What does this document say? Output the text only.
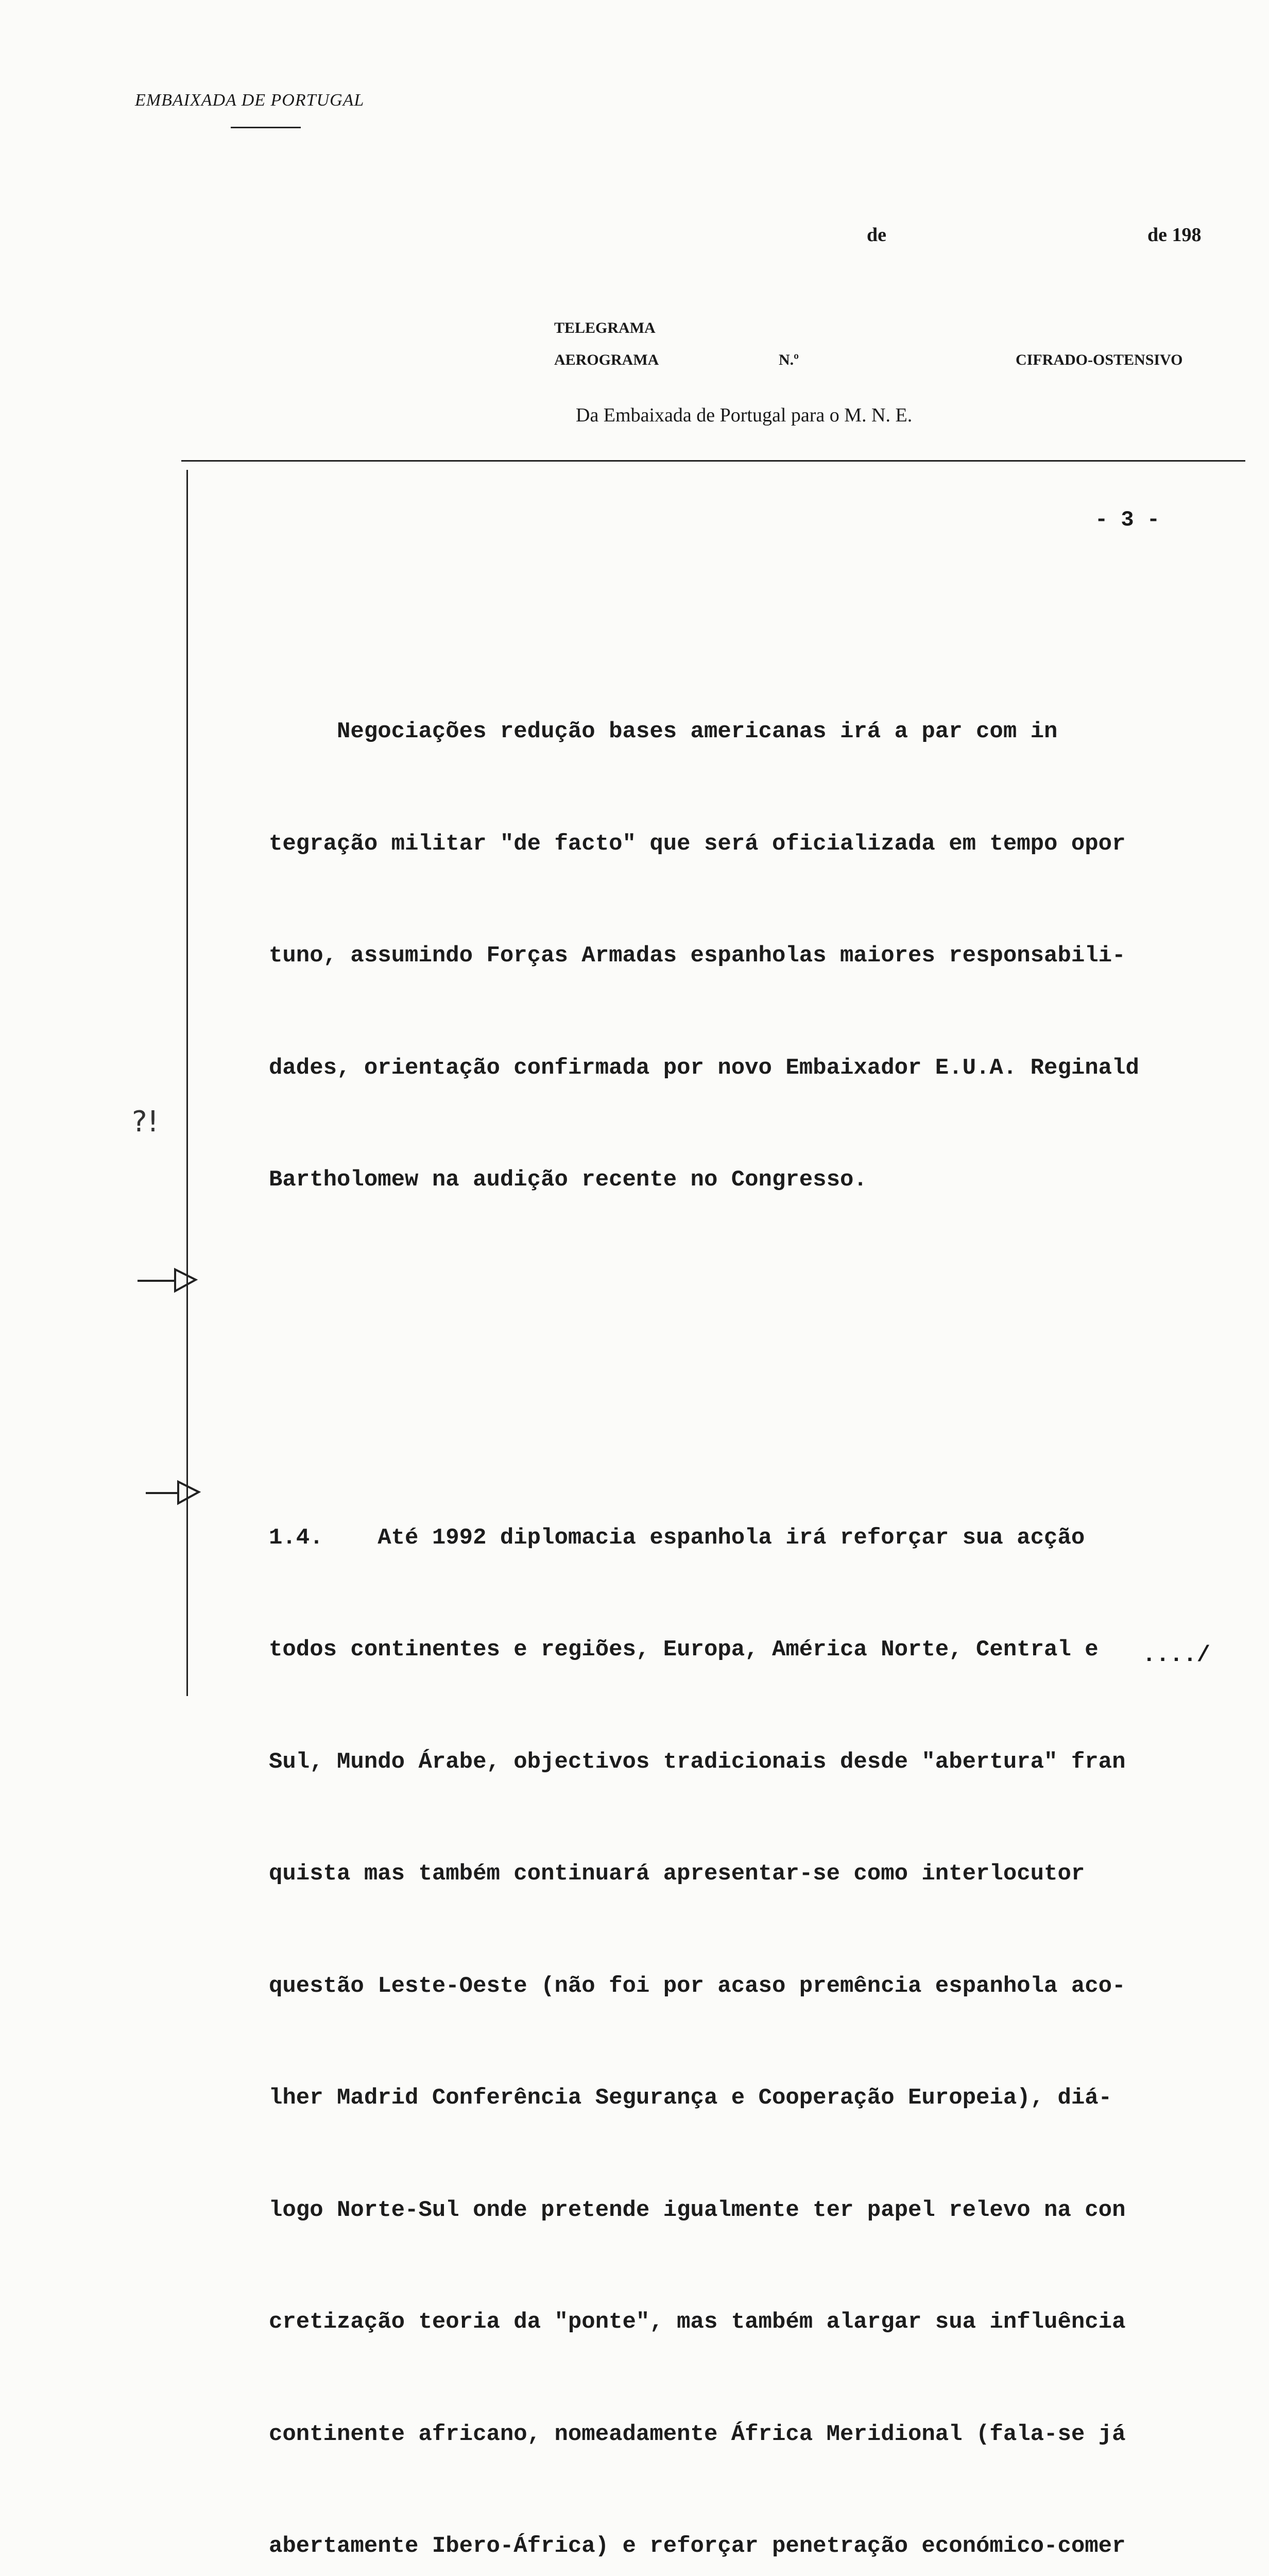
EMBAIXADA DE PORTUGAL
de	de 198
TELEGRAMA
AEROGRAMA	N.º	CIFRADO-OSTENSIVO
Da Embaixada de Portugal para o M. N. E.
- 3 -

Negociações redução bases americanas irá a par com in

tegração militar "de facto" que será oficializada em tempo opor

tuno, assumindo Forças Armadas espanholas maiores responsabili-

dades, orientação confirmada por novo Embaixador E.U.A. Reginald

Bartholomew na audição recente no Congresso.

1.4.    Até 1992 diplomacia espanhola irá reforçar sua acção

todos continentes e regiões, Europa, América Norte, Central e

Sul, Mundo Árabe, objectivos tradicionais desde "abertura" fran

quista mas também continuará apresentar-se como interlocutor

questão Leste-Oeste (não foi por acaso premência espanhola aco-

lher Madrid Conferência Segurança e Cooperação Europeia), diá-

logo Norte-Sul onde pretende igualmente ter papel relevo na con

cretização teoria da "ponte", mas também alargar sua influência

continente africano, nomeadamente África Meridional (fala-se já

abertamente Ibero-África) e reforçar penetração económico-comer

..../
?!
